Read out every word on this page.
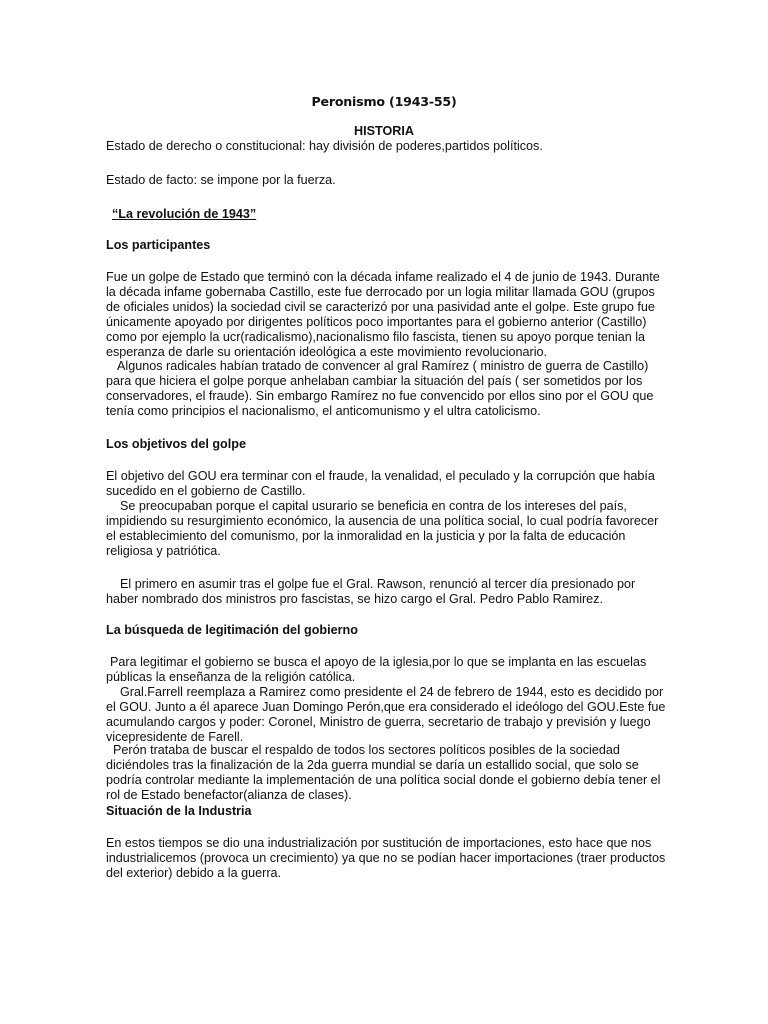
Peronismo (1943-55)
HISTORIA

Estado de derecho o constitucional: hay división de poderes,partidos políticos.

Estado de facto: se impone por la fuerza.

“La revolución de 1943”

Los participantes

Fue un golpe de Estado que terminó con la década infame realizado el 4 de junio de 1943. Durante la década infame gobernaba Castillo, este fue derrocado por un logia militar llamada GOU (grupos de oficiales unidos) la sociedad civil se caracterizó por una pasividad ante el golpe. Este grupo fue únicamente apoyado por dirigentes políticos poco importantes para el gobierno anterior (Castillo) como por ejemplo la ucr(radicalismo),nacionalismo filo fascista, tienen su apoyo porque tenian la esperanza de darle su orientación ideológica a este movimiento revolucionario.

Algunos radicales habían tratado de convencer al gral Ramírez ( ministro de guerra de Castillo) para que hiciera el golpe porque anhelaban cambiar la situación del país ( ser sometidos por los conservadores, el fraude). Sin embargo Ramírez no fue convencido por ellos sino por el GOU que tenía como principios el nacionalismo, el anticomunismo y el ultra catolicismo.

Los objetivos del golpe

El objetivo del GOU era terminar con el fraude, la venalidad, el peculado y la corrupción que había sucedido en el gobierno de Castillo.

Se preocupaban porque el capital usurario se beneficia en contra de los intereses del país, impidiendo su resurgimiento económico, la ausencia de una política social, lo cual podría favorecer el establecimiento del comunismo, por la inmoralidad en la justicia y por la falta de educación religiosa y patriótica.

El primero en asumir tras el golpe fue el Gral. Rawson, renunció al tercer día presionado por haber nombrado dos ministros pro fascistas, se hizo cargo el Gral. Pedro Pablo Ramirez.

La búsqueda de legitimación del gobierno

Para legitimar el gobierno se busca el apoyo de la iglesia,por lo que se implanta en las escuelas públicas la enseñanza de la religión católica.

Gral.Farrell reemplaza a Ramirez como presidente el 24 de febrero de 1944, esto es decidido por el GOU. Junto a él aparece Juan Domingo Perón,que era considerado el ideólogo del GOU.Este fue acumulando cargos y poder: Coronel, Ministro de guerra, secretario de trabajo y previsión y luego vicepresidente de Farell.

Perón trataba de buscar el respaldo de todos los sectores políticos posibles de la sociedad diciéndoles tras la finalización de la 2da guerra mundial se daría un estallido social, que solo se podría controlar mediante la implementación de una política social donde el gobierno debía tener el rol de Estado benefactor(alianza de clases).

Situación de la Industria

En estos tiempos se dio una industrialización por sustitución de importaciones, esto hace que nos industrialicemos (provoca un crecimiento) ya que no se podían hacer importaciones (traer productos del exterior) debido a la guerra.
